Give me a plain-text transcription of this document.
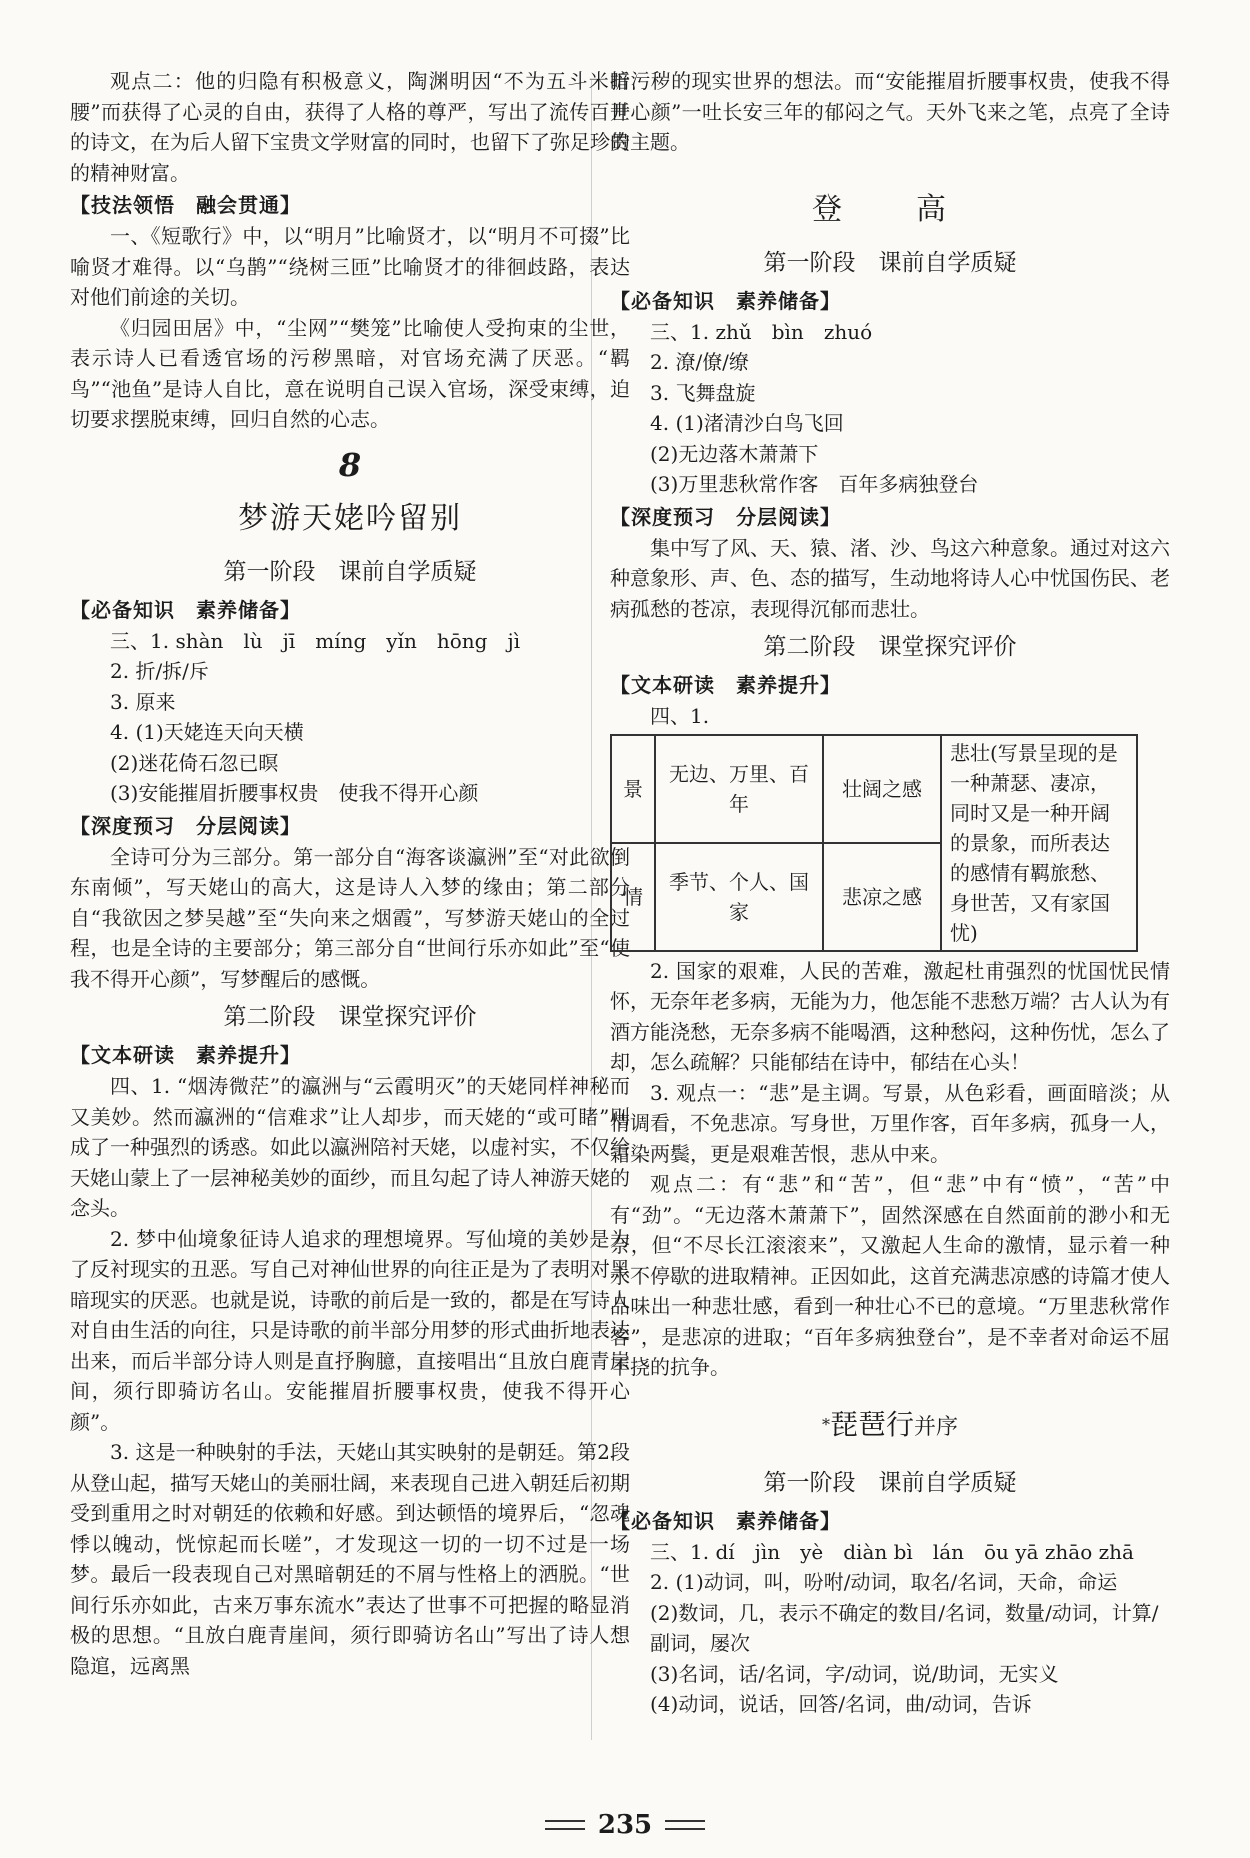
观点二：他的归隐有积极意义，陶渊明因“不为五斗米折腰”而获得了心灵的自由，获得了人格的尊严，写出了流传百世的诗文，在为后人留下宝贵文学财富的同时，也留下了弥足珍贵的精神财富。

【技法领悟　融会贯通】

一、《短歌行》中，以“明月”比喻贤才，以“明月不可掇”比喻贤才难得。以“乌鹊”“绕树三匝”比喻贤才的徘徊歧路，表达对他们前途的关切。

《归园田居》中，“尘网”“樊笼”比喻使人受拘束的尘世，表示诗人已看透官场的污秽黑暗，对官场充满了厌恶。“羁鸟”“池鱼”是诗人自比，意在说明自己误入官场，深受束缚，迫切要求摆脱束缚，回归自然的心志。

8
梦游天姥吟留别
第一阶段　课前自学质疑
【必备知识　素养储备】
三、1. shàn　lù　jī　míng　yǐn　hōng　jì
2. 折/拆/斥
3. 原来
4. (1)天姥连天向天横
(2)迷花倚石忽已暝
(3)安能摧眉折腰事权贵　使我不得开心颜
【深度预习　分层阅读】

全诗可分为三部分。第一部分自“海客谈瀛洲”至“对此欲倒东南倾”，写天姥山的高大，这是诗人入梦的缘由；第二部分自“我欲因之梦吴越”至“失向来之烟霞”，写梦游天姥山的全过程，也是全诗的主要部分；第三部分自“世间行乐亦如此”至“使我不得开心颜”，写梦醒后的感慨。

第二阶段　课堂探究评价
【文本研读　素养提升】

四、1. “烟涛微茫”的瀛洲与“云霞明灭”的天姥同样神秘而又美妙。然而瀛洲的“信难求”让人却步，而天姥的“或可睹”则成了一种强烈的诱惑。如此以瀛洲陪衬天姥，以虚衬实，不仅给天姥山蒙上了一层神秘美妙的面纱，而且勾起了诗人神游天姥的念头。

2. 梦中仙境象征诗人追求的理想境界。写仙境的美妙是为了反衬现实的丑恶。写自己对神仙世界的向往正是为了表明对黑暗现实的厌恶。也就是说，诗歌的前后是一致的，都是在写诗人对自由生活的向往，只是诗歌的前半部分用梦的形式曲折地表达出来，而后半部分诗人则是直抒胸臆，直接唱出“且放白鹿青崖间，须行即骑访名山。安能摧眉折腰事权贵，使我不得开心颜”。

3. 这是一种映射的手法，天姥山其实映射的是朝廷。第2段从登山起，描写天姥山的美丽壮阔，来表现自己进入朝廷后初期受到重用之时对朝廷的依赖和好感。到达顿悟的境界后，“忽魂悸以魄动，恍惊起而长嗟”，才发现这一切的一切不过是一场梦。最后一段表现自己对黑暗朝廷的不屑与性格上的洒脱。“世间行乐亦如此，古来万事东流水”表达了世事不可把握的略显消极的思想。“且放白鹿青崖间，须行即骑访名山”写出了诗人想隐逭，远离黑

暗污秽的现实世界的想法。而“安能摧眉折腰事权贵，使我不得开心颜”一吐长安三年的郁闷之气。天外飞来之笔，点亮了全诗的主题。

登　高
第一阶段　课前自学质疑
【必备知识　素养储备】
三、1. zhǔ　bìn　zhuó
2. 潦/僚/缭
3. 飞舞盘旋
4. (1)渚清沙白鸟飞回
(2)无边落木萧萧下
(3)万里悲秋常作客　百年多病独登台
【深度预习　分层阅读】

集中写了风、天、猿、渚、沙、鸟这六种意象。通过对这六种意象形、声、色、态的描写，生动地将诗人心中忧国伤民、老病孤愁的苍凉，表现得沉郁而悲壮。

第二阶段　课堂探究评价
【文本研读　素养提升】
四、1.
景	无边、万里、百年	壮阔之感	悲壮(写景呈现的是一种萧瑟、凄凉，同时又是一种开阔的景象，而所表达的感情有羁旅愁、身世苦，又有家国忧)
情	季节、个人、国家	悲凉之感	

2. 国家的艰难，人民的苦难，激起杜甫强烈的忧国忧民情怀，无奈年老多病，无能为力，他怎能不悲愁万端？古人认为有酒方能浇愁，无奈多病不能喝酒，这种愁闷，这种伤忧，怎么了却，怎么疏解？只能郁结在诗中，郁结在心头！

3. 观点一：“悲”是主调。写景，从色彩看，画面暗淡；从情调看，不免悲凉。写身世，万里作客，百年多病，孤身一人，霜染两鬓，更是艰难苦恨，悲从中来。

观点二：有“悲”和“苦”，但“悲”中有“愤”，“苦”中有“劲”。“无边落木萧萧下”，固然深感在自然面前的渺小和无奈，但“不尽长江滚滚来”，又激起人生命的激情，显示着一种永不停歇的进取精神。正因如此，这首充满悲凉感的诗篇才使人品味出一种悲壮感，看到一种壮心不已的意境。“万里悲秋常作客”，是悲凉的进取；“百年多病独登台”，是不幸者对命运不屈不挠的抗争。

*琵琶行并序
第一阶段　课前自学质疑
【必备知识　素养储备】
三、1. dí　jìn　yè　diàn bì　lán　ōu yā zhāo zhā
2. (1)动词，叫，吩咐/动词，取名/名词，天命，命运
(2)数词，几，表示不确定的数目/名词，数量/动词，计算/副词，屡次
(3)名词，话/名词，字/动词，说/助词，无实义
(4)动词，说话，回答/名词，曲/动词，告诉
235
